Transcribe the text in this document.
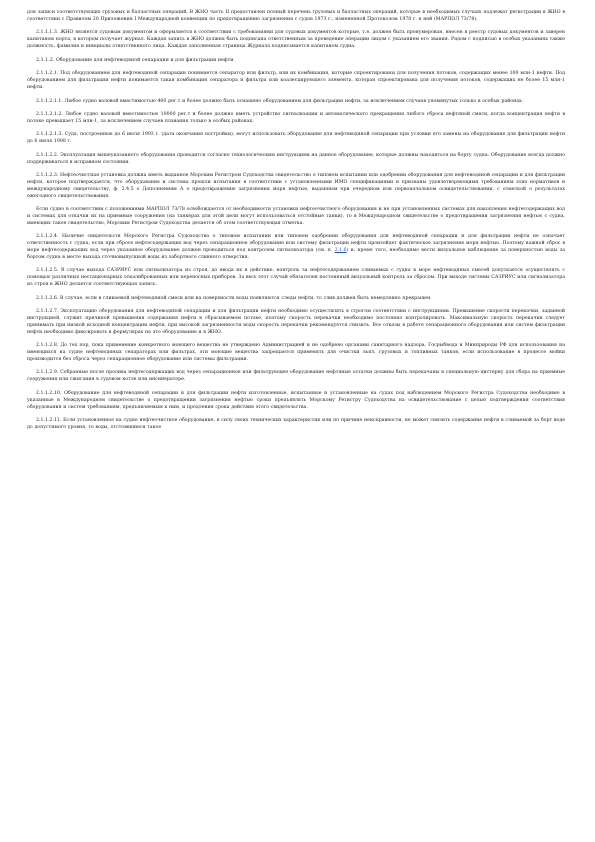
для записи соответствующих грузовых и балластных операций. В ЖНО часть II предоставлен полный перечень грузовых и балластных операций, которые в необходимых случаях подлежат регистрации в ЖНО в соответствии с Правилом 20 Приложения I Международной конвенции по предотвращению загрязнения с судов 1973 г., измененной Протоколом 1978 г. к ней (МАРПОЛ 73/78).

2.1.1.1.3. ЖНО является судовым документом и оформляется в соответствии с требованиями для судовых документов которые, т.е. должен быть пронумерован, внесен в реестр судовых документов и заверен капитаном порта, в котором получает журнал. Каждая запись в ЖНО должна быть подписана ответственным за проведение операции лицом с указанием его звания. Рядом с подписью в особых указаниях также должность, фамилия и инициалы ответственного лица. Каждая заполненная страница Журнала подписывается капитаном судна.

2.1.1.2. Оборудование для нефтеводяной сепарации и для фильтрации нефти

2.1.1.2.1. Под оборудованием для нефтеводяной сепарации понимается сепаратор или фильтр, или их комбинация, которые спроектированы для получения потоков, содержащих менее 100 млн-1 нефти. Под оборудованием для фильтрации нефти понимается такая комбинация сепаратора и фильтра или коалесцирующего элемента, которая спроектирована для получения потоков, содержащих не более 15 млн-1 нефти.

2.1.1.2.1.1. Любое судно валовой вместимостью 400 рег.т и более должно быть оснащено оборудованием для фильтрации нефти, за исключением случаев упомянутых только в особых районах.

2.1.1.2.1.2. Любое судно валовой вместимостью 10000 рег.т и более должно иметь устройство сигнализации и автоматического прекращения любого сброса нефтяной смеси, когда концентрация нефти в потоке превышает 15 млн-1, за исключением случаев плавания только в особых районах.

2.1.1.2.1.3. Суда, построенные до 6 июля 1993 г. (дата окончания постройки), могут использовать оборудование для нефтеводяной сепарации при условии его замены на оборудование для фильтрации нефти до 6 июля 1998 г.

2.1.1.2.2. Эксплуатация вышеуказанного оборудования проводится согласно технологическим инструкциям на данное оборудование, которые должны находиться на борту судна. Оборудование всегда должно поддерживаться в исправном состоянии.

2.1.1.2.3. Нефтеочистная установка должна иметь выданное Морским Регистром Судоходства свидетельство о типовом испытании или одобрении оборудования для нефтеводяной сепарации и для фильтрации нефти, которое подтверждается, что оборудование и система прошли испытания в соответствии с установленными ИМО спецификациями и признаны удовлетворяющими требованиям этих нормативов и международному свидетельству, ф. 2.4.5 о Дополнениям А о предотвращению загрязнения моря нефтью, выданным при очередном или первоначальном освидетельствовании, с отметкой о результатах ежегодного свидетельствования.

Если судно в соответствии с положениями МАРПОЛ 73/78 освобождается от необходимости установки нефтеочистного оборудования и не при установленных системах для накопления нефтесодержащих вод и системах для откачки их на приемные сооружения (на танкерах для этой цели могут использоваться отстойные танки), то в Международном свидетельстве о предотвращении загрязнения нефтью с судна, имеющих такое свидетельство, Морским Регистром Судоходства делается об этом соответствующая отметка.

2.1.1.2.4. Наличие свидетельств Морского Регистра Судоходства о типовом испытании или типовом одобрении оборудования для нефтеводяной сепарации и для фильтрации нефти не означает ответственность с судна, если при сбросе нефтесодержащих вод через сепарационное оборудование или систему фильтрации нефти произойдет фактическое загрязнение моря нефтью. Поэтому важной сброс в море нефтесодержащих вод через указанное оборудование должен проводиться под контролем сигнализатора (см. п. 2.1.6) и, кроме того, необходимо вести визуальное наблюдение за поверхностью воды за бортом судна в месте выхода сточновыпускной воды из забортного сливного отверстия.

2.1.1.2.5. В случае выхода САЗРИУС или сигнализатора из строя, до ввода их в действие, контроль за нефтесодержанием сливаемых с судна в море нефтеводяных смесей допускается осуществлять с помощью различных нестационарных откалиброванных или переносных приборов. За весь этот случай обязателен постоянный визуальный контроль за сбросом. При выходе системы САЗРИУС или сигнализатора из строя в ЖНО делается соответствующая запись.

2.1.1.2.6. В случае, если в сливаемой нефтеводяной смеси или на поверхности воды появляются следы нефти, то слив должен быть немедленно прекращен.

2.1.1.2.7. Эксплуатацию оборудования для нефтеводяной сепарации и для фильтрации нефти необходимо осуществлять в строгом соответствии с инструкциями. Превышение скорости перекачки, заданной инструкцией, служит причиной превышения содержания нефти в сбрасываемом потоке, поэтому скорость перекачки необходимо постоянно контролировать. Максимальную скорость перекачки следует принимать при низкой исходной концентрации нефти, при высокой загрязненности воды скорость перекачки рекомендуется снизить. Все отказы в работе сепарационного оборудования или систем фильтрации нефти необходимо фиксировать в формулярах на это оборудование и в ЖНО.

2.1.1.2.8. До тех пор, пока применение конкретного моющего вещества не утверждено Администрацией и не одобрено органами санитарного надзора, Госрыбвода и Минприроды РФ для использования на имеющихся на судне нефтеводяных сепараторах или фильтрах, эти моющие вещества запрещается применять для очистки льял, грузовых и топливных танков, если использование в процессе мойки производится без сброса через сепарационное оборудование или системы фильтрации.

2.1.1.2.9. Собранные после пролива нефтесодержащих вод через сепарационное или фильтрующее оборудование нефтяные остатки должны быть перекачаны в специальную цистерну для сбора на приемные сооружения или сжигания в судовом котле или инсинераторе.

2.1.1.2.10. Оборудование для нефтеводяной сепарации и для фильтрации нефти изготовленные, испытанные и установленные на судах под наблюдением Морского Регистра Судоходства необходимо в указанные в Международном свидетельстве о предотвращении загрязнения нефтью сроки предъявлять Морскому Регистру Судоходства на освидетельствование с целью подтверждения соответствия оборудования и систем требованиям, предъявляемым к ним, и продления срока действия этого свидетельства.

2.1.1.2.11. Если установленное на судне нефтеочистное оборудование, в силу своих технических характеристик или по причине неисправности, не может снизить содержание нефти в сливаемой за борт воде до допустимого уровня, то воды, отстоявшиеся такое
